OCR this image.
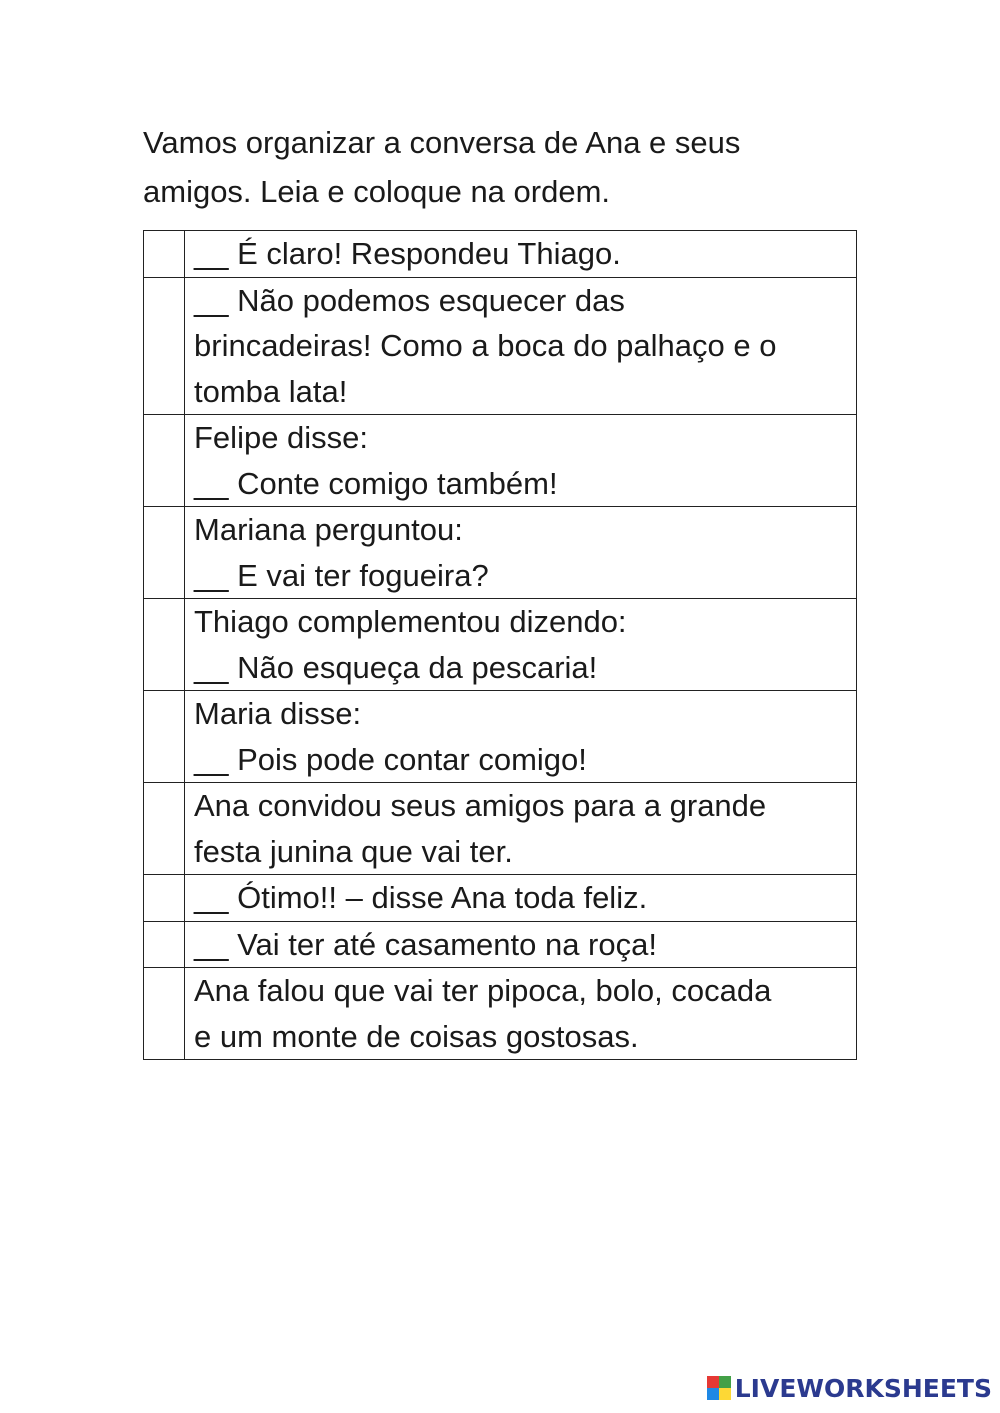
Vamos organizar a conversa de Ana e seus
amigos. Leia e coloque na ordem.

	__ É claro! Respondeu Thiago.

	__ Não podemos esquecer das
brincadeiras! Como a boca do palhaço e o
tomba lata!

	Felipe disse:
__ Conte comigo também!

	Mariana perguntou:
__ E vai ter fogueira?

	Thiago complementou dizendo:
__ Não esqueça da pescaria!

	Maria disse:
__ Pois pode contar comigo!

	Ana convidou seus amigos para a grande
festa junina que vai ter.

	__ Ótimo!! – disse Ana toda feliz.

	__ Vai ter até casamento na roça!

	Ana falou que vai ter pipoca, bolo, cocada
e um monte de coisas gostosas.
LIVEWORKSHEETS
